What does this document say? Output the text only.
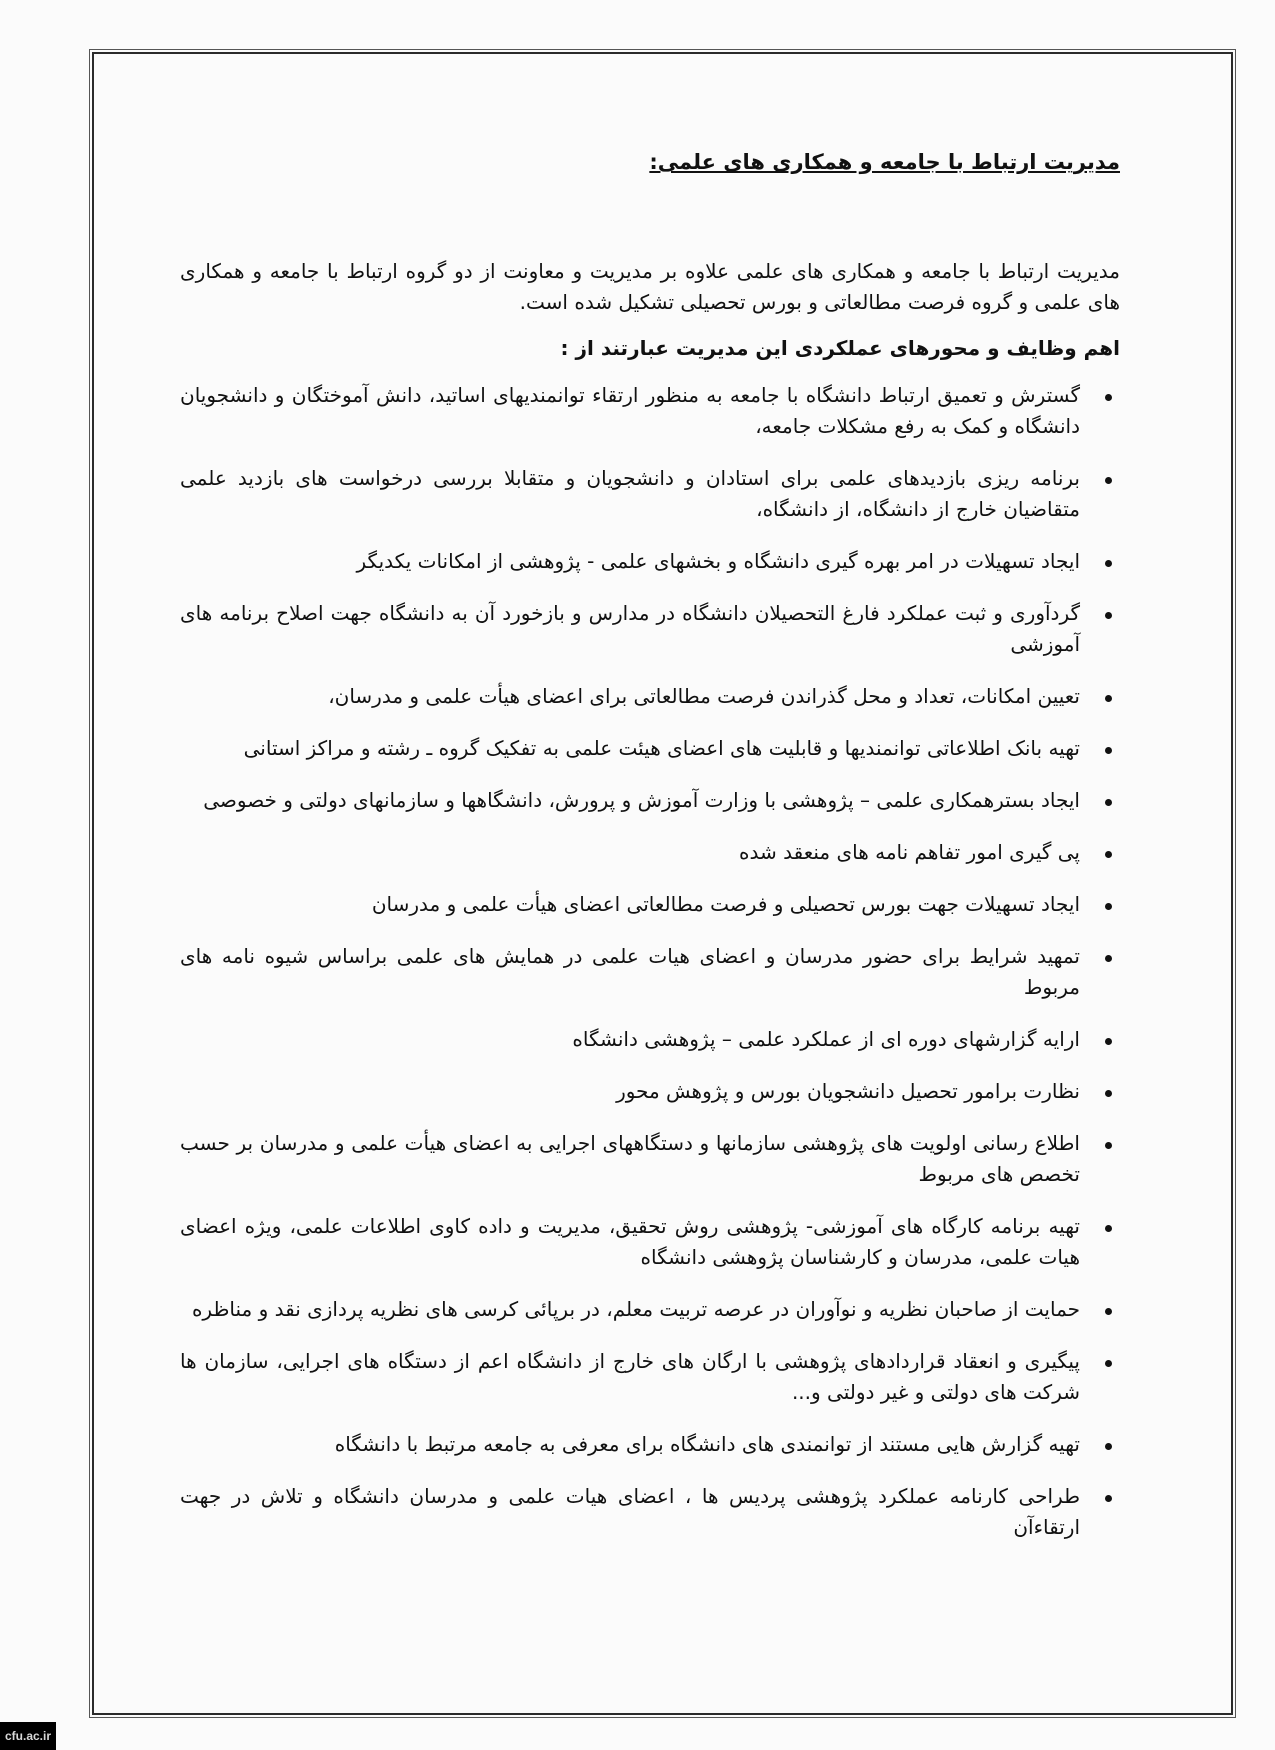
مدیریت ارتباط با جامعه و همکاری های علمی:

مدیریت ارتباط با جامعه و همکاری های علمی علاوه بر مدیریت و معاونت از دو گروه ارتباط با جامعه و همکاری های علمی و گروه فرصت مطالعاتی و بورس تحصیلی تشکیل شده است.

اهم وظایف و محورهای عملکردی این مدیریت عبارتند از :
گسترش و تعمیق ارتباط دانشگاه با جامعه به منظور ارتقاء توانمندیهای اساتید، دانش آموختگان و دانشجویان دانشگاه و کمک به رفع مشکلات جامعه،
برنامه ریزی بازدیدهای علمی برای استادان و دانشجویان و متقابلا بررسی درخواست های بازدید علمی متقاضیان خارج از دانشگاه، از دانشگاه،
ایجاد تسهیلات در امر بهره گیری دانشگاه و بخشهای علمی - پژوهشی از امکانات یکدیگر
گردآوری و ثبت عملکرد فارغ التحصیلان دانشگاه در مدارس و بازخورد آن به دانشگاه جهت اصلاح برنامه های آموزشی
تعیین امکانات، تعداد و محل گذراندن فرصت مطالعاتی برای اعضای هیأت علمی و مدرسان،
تهیه بانک اطلاعاتی توانمندیها و قابلیت های اعضای هیئت علمی به تفکیک گروه ـ رشته و مراکز استانی
ایجاد بسترهمکاری علمی – پژوهشی با وزارت آموزش و پرورش، دانشگاهها و سازمانهای دولتی و خصوصی
پی گیری امور تفاهم نامه های منعقد شده
ایجاد تسهیلات جهت بورس تحصیلی و فرصت مطالعاتی اعضای هیأت علمی و مدرسان
تمهید شرایط برای حضور مدرسان و اعضای هیات علمی در همایش های علمی براساس شیوه نامه های مربوط
ارایه گزارشهای دوره ای از عملکرد علمی – پژوهشی دانشگاه
نظارت برامور تحصیل دانشجویان بورس و پژوهش محور
اطلاع رسانی اولویت های پژوهشی سازمانها و دستگاههای اجرایی به اعضای هیأت علمی و مدرسان بر حسب تخصص های مربوط
تهیه برنامه کارگاه های آموزشی- پژوهشی روش تحقیق، مدیریت و داده کاوی اطلاعات علمی، ویژه اعضای هیات علمی، مدرسان و کارشناسان پژوهشی دانشگاه
حمایت از صاحبان نظریه و نوآوران در عرصه تربیت معلم، در برپائی کرسی های نظریه پردازی نقد و مناظره
پیگیری و انعقاد قراردادهای پژوهشی با ارگان های خارج از دانشگاه اعم از دستگاه های اجرایی، سازمان ها شرکت های دولتی و غیر دولتی و...
تهیه گزارش هایی مستند از توانمندی های دانشگاه برای معرفی به جامعه مرتبط با دانشگاه
طراحی کارنامه عملکرد پژوهشی پردیس ها ، اعضای هیات علمی و مدرسان دانشگاه و تلاش در جهت ارتقاءآن
cfu.ac.ir
